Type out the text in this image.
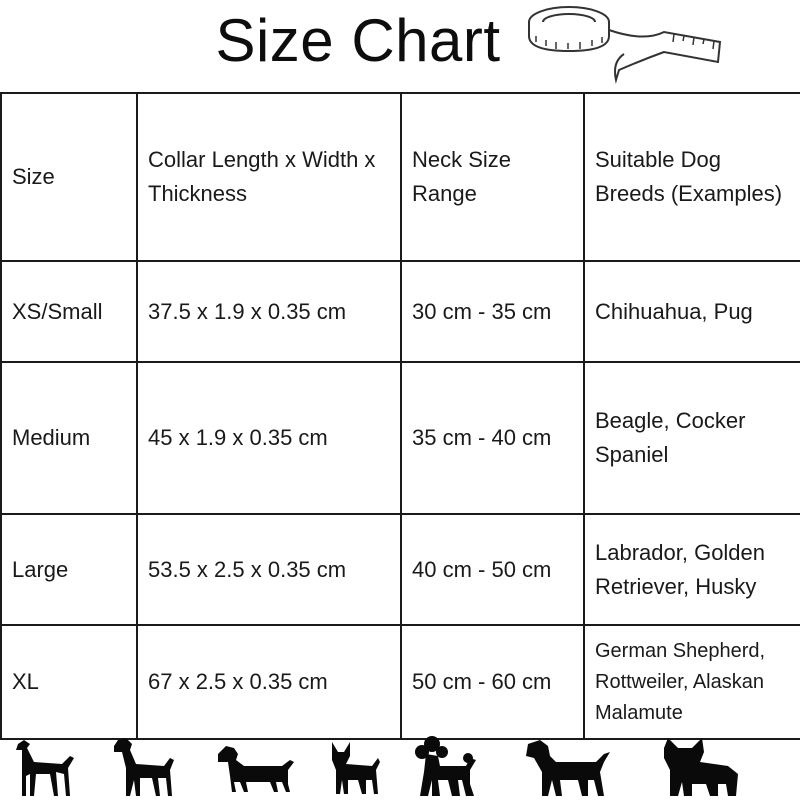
Size Chart
Size	Collar Length x Width x Thickness	Neck Size Range	Suitable Dog Breeds (Examples)
XS/Small	37.5 x 1.9 x 0.35 cm	30 cm - 35 cm	Chihuahua, Pug
Medium	45 x 1.9 x 0.35 cm	35 cm - 40 cm	Beagle, Cocker Spaniel
Large	53.5 x 2.5 x 0.35 cm	40 cm - 50 cm	Labrador, Golden Retriever, Husky
XL	67 x 2.5 x 0.35 cm	50 cm - 60 cm	German Shepherd, Rottweiler, Alaskan Malamute
